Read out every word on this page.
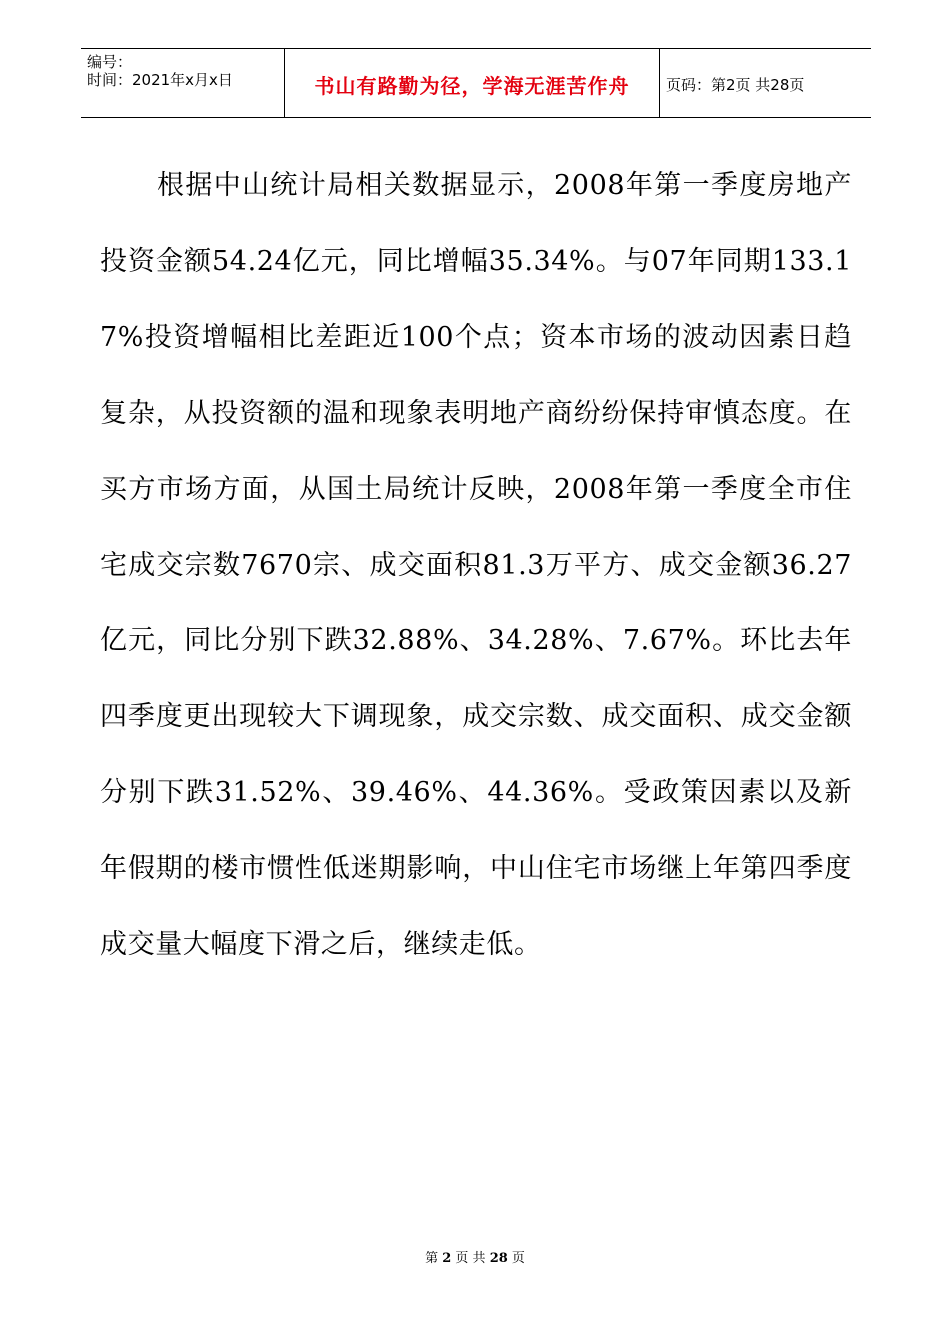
编号：
时间：2021年x月x日	书山有路勤为径，学海无涯苦作舟	页码：第2页 共28页

根据中山统计局相关数据显示，2008年第一季度房地产投资金额54.24亿元，同比增幅35.34%。与07年同期133.17%投资增幅相比差距近100个点；资本市场的波动因素日趋复杂，从投资额的温和现象表明地产商纷纷保持审慎态度。在买方市场方面，从国土局统计反映，2008年第一季度全市住宅成交宗数7670宗、成交面积81.3万平方、成交金额36.27亿元，同比分别下跌32.88%、34.28%、7.67%。环比去年四季度更出现较大下调现象，成交宗数、成交面积、成交金额分别下跌31.52%、39.46%、44.36%。受政策因素以及新年假期的楼市惯性低迷期影响，中山住宅市场继上年第四季度成交量大幅度下滑之后，继续走低。

第 2 页 共 28 页
